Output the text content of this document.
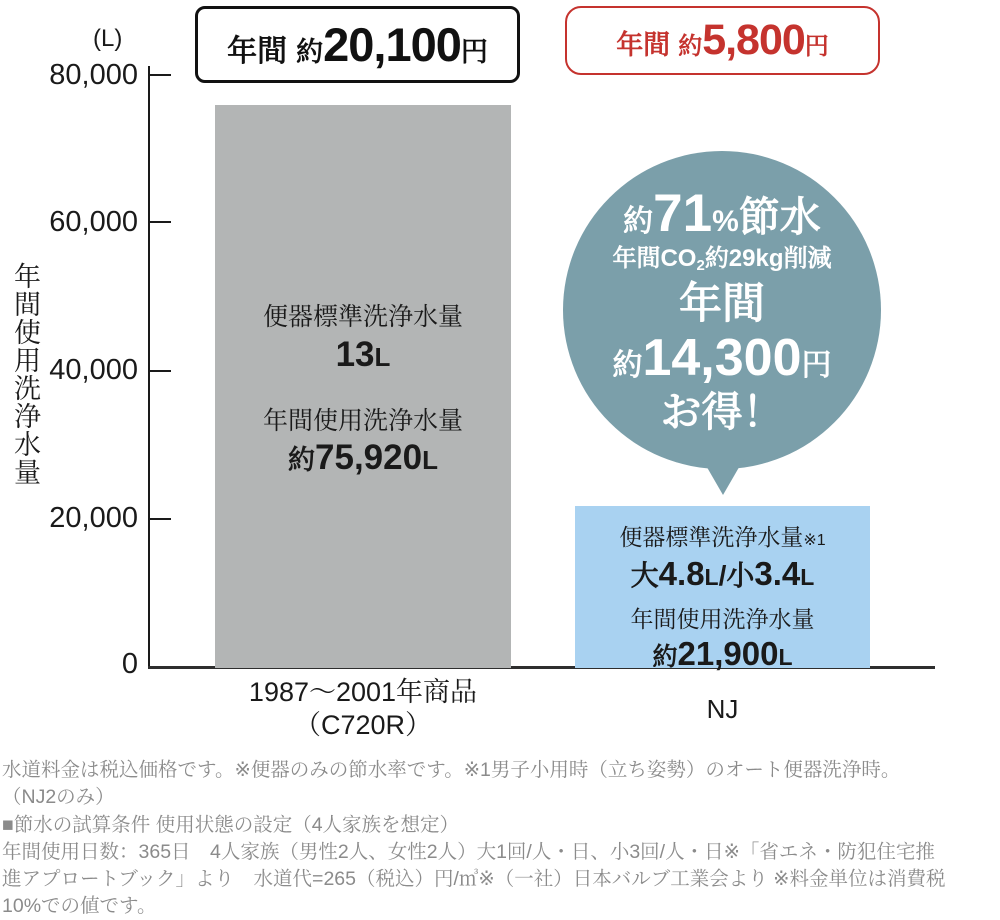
年間 約 20,100 円	年間 約 5,800 円
(L)
年間使用洗浄水量
80,000
60,000
40,000
20,000
0
便器標準洗浄水量
13L
年間使用洗浄水量
約75,920L
便器標準洗浄水量※1
大4.8L/小3.4L
年間使用洗浄水量
約21,900L
約71%節水
年間CO2約29kg削減
年間
約14,300円
お得！
1987～2001年商品
（C720R）
NJ
水道料金は税込価格です。※便器のみの節水率です。※1男子小用時（立ち姿勢）のオート便器洗浄時。
（NJ2のみ）
■節水の試算条件 使用状態の設定（4人家族を想定）
年間使用日数：365日　4人家族（男性2人、女性2人）大1回/人・日、小3回/人・日※「省エネ・防犯住宅推
進アプロートブック」より　水道代=265（税込）円/㎥※（一社）日本バルブ工業会より ※料金単位は消費税
10%での値です。
